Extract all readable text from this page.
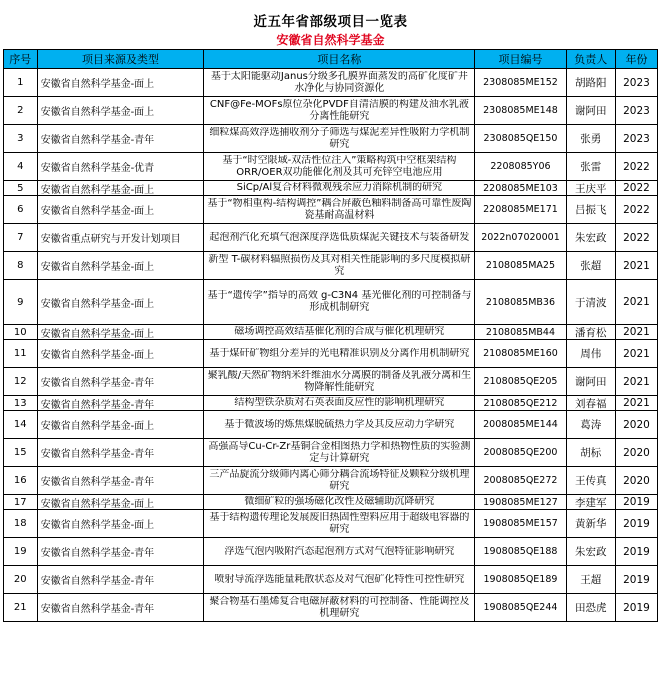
近五年省部级项目一览表
安徽省自然科学基金
序号	项目来源及类型	项目名称	项目编号	负责人	年份

1	安徽省自然科学基金-面上	基于太阳能驱动Janus分级多孔膜界面蒸发的高矿化度矿井水净化与协同资源化	2308085ME152	胡路阳	2023

2	安徽省自然科学基金-面上	CNF@Fe-MOFs原位杂化PVDF自清洁膜的构建及油水乳液分离性能研究	2308085ME148	谢阿田	2023

3	安徽省自然科学基金-青年	细粒煤高效浮选捕收剂分子筛选与煤泥差异性吸附力学机制研究	2308085QE150	张勇	2023

4	安徽省自然科学基金-优青	基于“时空限域-双活性位注入”策略构筑中空框架结构ORR/OER双功能催化剂及其可充锌空电池应用	2208085Y06	张雷	2022

5	安徽省自然科学基金-面上	SiCp/Al复合材料微观残余应力消除机制的研究	2208085ME103	王庆平	2022

6	安徽省自然科学基金-面上	基于“物相重构-结构调控”耦合屏蔽色釉料制备高可靠性废陶瓷基耐高温材料	2208085ME171	吕振飞	2022

7	安徽省重点研究与开发计划项目	起泡剂汽化充填气泡深度浮选低质煤泥关键技术与装备研发	2022n07020001	朱宏政	2022

8	安徽省自然科学基金-面上	新型 T-碳材料辐照损伤及其对相关性能影响的多尺度模拟研究	2108085MA25	张超	2021

9	安徽省自然科学基金-面上	基于“遗传学”指导的高效 g-C3N4 基光催化剂的可控制备与形成机制研究	2108085MB36	于清波	2021

10	安徽省自然科学基金-面上	磁场调控高效结基催化剂的合成与催化机理研究	2108085MB44	潘育松	2021

11	安徽省自然科学基金-面上	基于煤矸矿物组分差异的光电精准识别及分离作用机制研究	2108085ME160	周伟	2021

12	安徽省自然科学基金-青年	聚乳酸/天然矿物纳米纤维油水分离膜的制备及乳液分离和生物降解性能研究	2108085QE205	谢阿田	2021

13	安徽省自然科学基金-青年	结构型铁杂质对石英表面反应性的影响机理研究	2108085QE212	刘春福	2021

14	安徽省自然科学基金-面上	基于微波场的炼焦煤脱硫热力学及其反应动力学研究	2008085ME144	葛涛	2020

15	安徽省自然科学基金-青年	高强高导Cu-Cr-Zr基铜合金相图热力学和热物性质的实验测定与计算研究	2008085QE200	胡标	2020

16	安徽省自然科学基金-青年	三产品旋流分级筛内离心筛分耦合流场特征及颗粒分级机理研究	2008085QE272	王传真	2020

17	安徽省自然科学基金-面上	微细矿粒的强场磁化改性及磁辅助沉降研究	1908085ME127	李建军	2019

18	安徽省自然科学基金-面上	基于结构遗传理论发展废旧热固性塑料应用于超级电容器的研究	1908085ME157	黄新华	2019

19	安徽省自然科学基金-青年	浮选气泡内吸附汽态起泡剂方式对气泡特征影响研究	1908085QE188	朱宏政	2019

20	安徽省自然科学基金-青年	喷射导流浮选能量耗散状态及对气泡矿化特性可控性研究	1908085QE189	王超	2019

21	安徽省自然科学基金-青年	聚合物基石墨烯复合电磁屏蔽材料的可控制备、性能调控及机理研究	1908085QE244	田恐虎	2019
